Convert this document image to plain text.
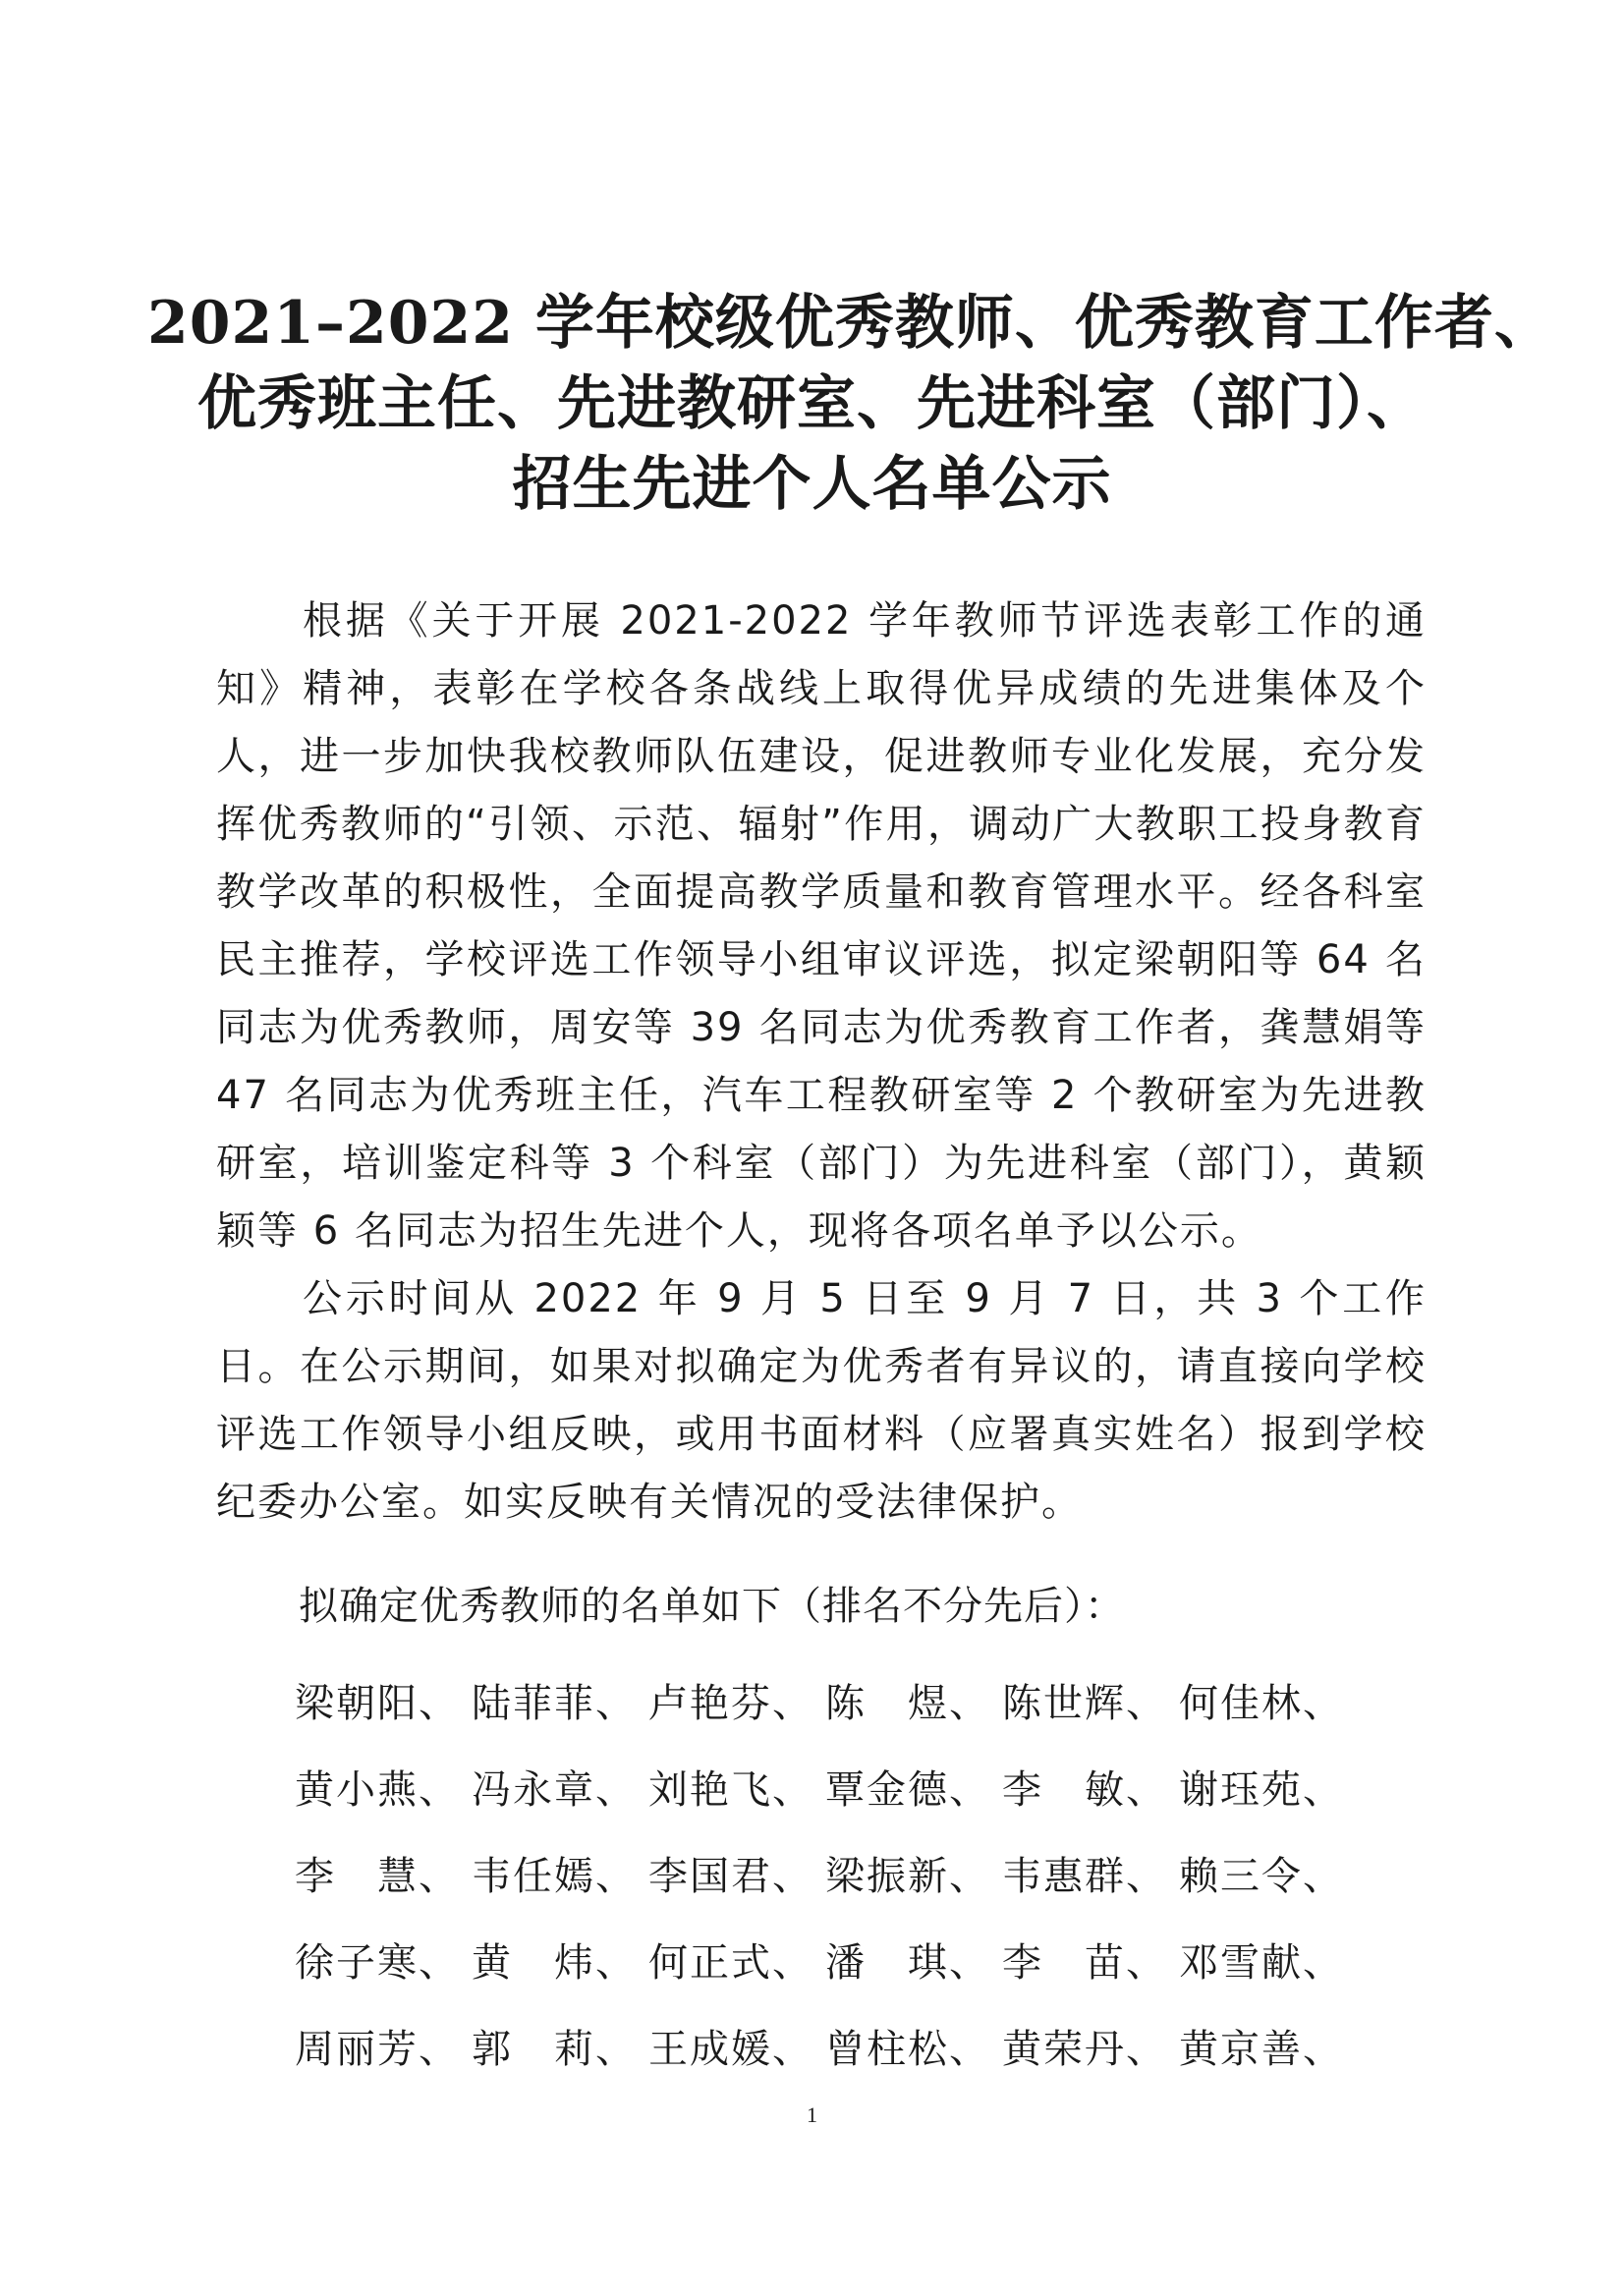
2021–2022 学年校级优秀教师、优秀教育工作者、
优秀班主任、先进教研室、先进科室（部门）、
招生先进个人名单公示

根据《关于开展 2021-2022 学年教师节评选表彰工作的通知》精神，表彰在学校各条战线上取得优异成绩的先进集体及个人，进一步加快我校教师队伍建设，促进教师专业化发展，充分发挥优秀教师的“引领、示范、辐射”作用，调动广大教职工投身教育教学改革的积极性，全面提高教学质量和教育管理水平。经各科室民主推荐，学校评选工作领导小组审议评选，拟定梁朝阳等 64 名同志为优秀教师，周安等 39 名同志为优秀教育工作者，龚慧娟等 47 名同志为优秀班主任，汽车工程教研室等 2 个教研室为先进教研室，培训鉴定科等 3 个科室（部门）为先进科室（部门），黄颖颖等 6 名同志为招生先进个人，现将各项名单予以公示。

公示时间从 2022 年 9 月 5 日至 9 月 7 日，共 3 个工作日。在公示期间，如果对拟确定为优秀者有异议的，请直接向学校评选工作领导小组反映，或用书面材料（应署真实姓名）报到学校纪委办公室。如实反映有关情况的受法律保护。

拟确定优秀教师的名单如下（排名不分先后）：
梁朝阳、 陆菲菲、 卢艳芬、 陈　煜、 陈世辉、 何佳林、
黄小燕、 冯永章、 刘艳飞、 覃金德、 李　敏、 谢珏苑、
李　慧、 韦任嫣、 李国君、 梁振新、 韦惠群、 赖三令、
徐子寒、 黄　炜、 何正式、 潘　琪、 李　苗、 邓雪献、
周丽芳、 郭　莉、 王成媛、 曾柱松、 黄荣丹、 黄京善、
1
